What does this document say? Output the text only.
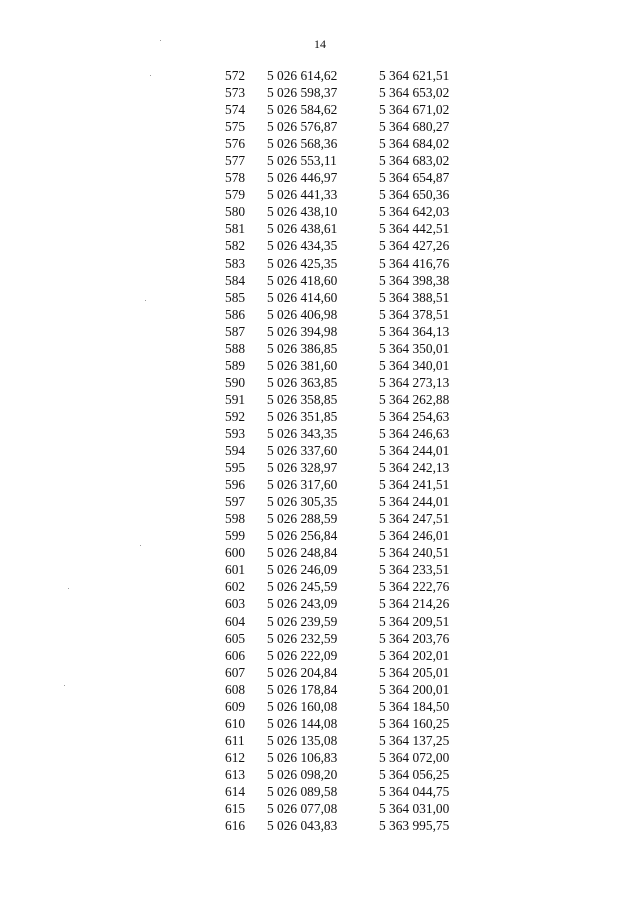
14
572 5 026 614,62	5 364 621,51
573 5 026 598,37	5 364 653,02
574 5 026 584,62	5 364 671,02
575 5 026 576,87	5 364 680,27
576 5 026 568,36	5 364 684,02
577 5 026 553,11	5 364 683,02
578 5 026 446,97	5 364 654,87
579 5 026 441,33	5 364 650,36
580 5 026 438,10	5 364 642,03
581 5 026 438,61	5 364 442,51
582 5 026 434,35	5 364 427,26
583 5 026 425,35	5 364 416,76
584 5 026 418,60	5 364 398,38
585 5 026 414,60	5 364 388,51
586 5 026 406,98	5 364 378,51
587 5 026 394,98	5 364 364,13
588 5 026 386,85	5 364 350,01
589 5 026 381,60	5 364 340,01
590 5 026 363,85	5 364 273,13
591 5 026 358,85	5 364 262,88
592 5 026 351,85	5 364 254,63
593 5 026 343,35	5 364 246,63
594 5 026 337,60	5 364 244,01
595 5 026 328,97	5 364 242,13
596 5 026 317,60	5 364 241,51
597 5 026 305,35	5 364 244,01
598 5 026 288,59	5 364 247,51
599 5 026 256,84	5 364 246,01
600 5 026 248,84	5 364 240,51
601 5 026 246,09	5 364 233,51
602 5 026 245,59	5 364 222,76
603 5 026 243,09	5 364 214,26
604 5 026 239,59	5 364 209,51
605 5 026 232,59	5 364 203,76
606 5 026 222,09	5 364 202,01
607 5 026 204,84	5 364 205,01
608 5 026 178,84	5 364 200,01
609 5 026 160,08	5 364 184,50
610 5 026 144,08	5 364 160,25
611 5 026 135,08	5 364 137,25
612 5 026 106,83	5 364 072,00
613 5 026 098,20	5 364 056,25
614 5 026 089,58	5 364 044,75
615 5 026 077,08	5 364 031,00
616 5 026 043,83	5 363 995,75
